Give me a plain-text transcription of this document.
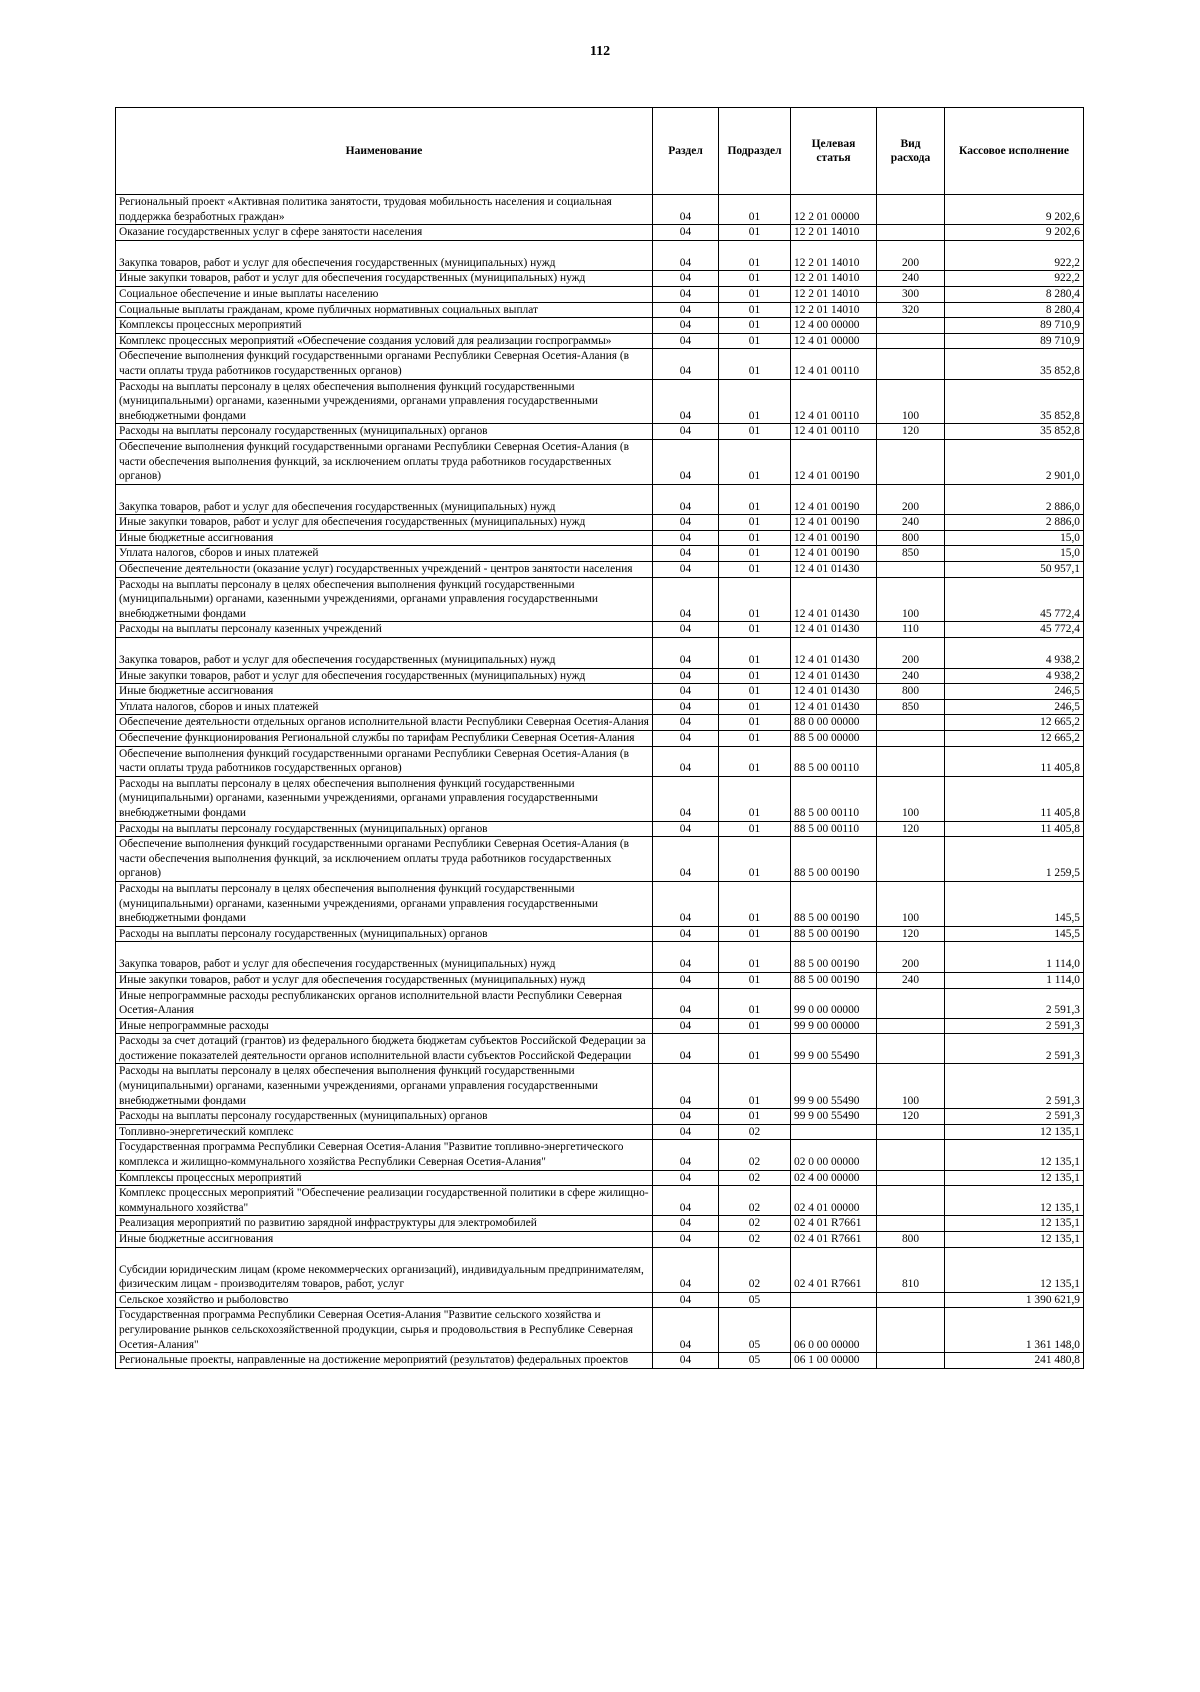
112
Наименование	Раздел	Подраздел	Целевая статья	Вид расхода	Кассовое исполнение
Региональный проект «Активная политика занятости, трудовая мобильность населения и социальная поддержка безработных граждан»	04	01	12 2 01 00000		9 202,6
Оказание государственных услуг в сфере занятости населения	04	01	12 2 01 14010		9 202,6
Закупка товаров, работ и услуг для обеспечения государственных (муниципальных) нужд	04	01	12 2 01 14010	200	922,2
Иные закупки товаров, работ и услуг для обеспечения государственных (муниципальных) нужд	04	01	12 2 01 14010	240	922,2
Социальное обеспечение и иные выплаты населению	04	01	12 2 01 14010	300	8 280,4
Социальные выплаты гражданам, кроме публичных нормативных социальных выплат	04	01	12 2 01 14010	320	8 280,4
Комплексы процессных мероприятий	04	01	12 4 00 00000		89 710,9
Комплекс процессных мероприятий «Обеспечение создания условий для реализации госпрограммы»	04	01	12 4 01 00000		89 710,9
Обеспечение выполнения функций государственными органами Республики Северная Осетия-Алания (в части оплаты труда работников государственных органов)	04	01	12 4 01 00110		35 852,8
Расходы на выплаты персоналу в целях обеспечения выполнения функций государственными (муниципальными) органами, казенными учреждениями, органами управления государственными внебюджетными фондами	04	01	12 4 01 00110	100	35 852,8
Расходы на выплаты персоналу государственных (муниципальных) органов	04	01	12 4 01 00110	120	35 852,8
Обеспечение выполнения функций государственными органами Республики Северная Осетия-Алания (в части обеспечения выполнения функций, за исключением оплаты труда работников государственных органов)	04	01	12 4 01 00190		2 901,0
Закупка товаров, работ и услуг для обеспечения государственных (муниципальных) нужд	04	01	12 4 01 00190	200	2 886,0
Иные закупки товаров, работ и услуг для обеспечения государственных (муниципальных) нужд	04	01	12 4 01 00190	240	2 886,0
Иные бюджетные ассигнования	04	01	12 4 01 00190	800	15,0
Уплата налогов, сборов и иных платежей	04	01	12 4 01 00190	850	15,0
Обеспечение деятельности (оказание услуг) государственных учреждений - центров занятости населения	04	01	12 4 01 01430		50 957,1
Расходы на выплаты персоналу в целях обеспечения выполнения функций государственными (муниципальными) органами, казенными учреждениями, органами управления государственными внебюджетными фондами	04	01	12 4 01 01430	100	45 772,4
Расходы на выплаты персоналу казенных учреждений	04	01	12 4 01 01430	110	45 772,4
Закупка товаров, работ и услуг для обеспечения государственных (муниципальных) нужд	04	01	12 4 01 01430	200	4 938,2
Иные закупки товаров, работ и услуг для обеспечения государственных (муниципальных) нужд	04	01	12 4 01 01430	240	4 938,2
Иные бюджетные ассигнования	04	01	12 4 01 01430	800	246,5
Уплата налогов, сборов и иных платежей	04	01	12 4 01 01430	850	246,5
Обеспечение деятельности отдельных органов исполнительной власти Республики Северная Осетия-Алания	04	01	88 0 00 00000		12 665,2
Обеспечение функционирования Региональной службы по тарифам Республики Северная Осетия-Алания	04	01	88 5 00 00000		12 665,2
Обеспечение выполнения функций государственными органами Республики Северная Осетия-Алания (в части оплаты труда работников государственных органов)	04	01	88 5 00 00110		11 405,8
Расходы на выплаты персоналу в целях обеспечения выполнения функций государственными (муниципальными) органами, казенными учреждениями, органами управления государственными внебюджетными фондами	04	01	88 5 00 00110	100	11 405,8
Расходы на выплаты персоналу государственных (муниципальных) органов	04	01	88 5 00 00110	120	11 405,8
Обеспечение выполнения функций государственными органами Республики Северная Осетия-Алания (в части обеспечения выполнения функций, за исключением оплаты труда работников государственных органов)	04	01	88 5 00 00190		1 259,5
Расходы на выплаты персоналу в целях обеспечения выполнения функций государственными (муниципальными) органами, казенными учреждениями, органами управления государственными внебюджетными фондами	04	01	88 5 00 00190	100	145,5
Расходы на выплаты персоналу государственных (муниципальных) органов	04	01	88 5 00 00190	120	145,5
Закупка товаров, работ и услуг для обеспечения государственных (муниципальных) нужд	04	01	88 5 00 00190	200	1 114,0
Иные закупки товаров, работ и услуг для обеспечения государственных (муниципальных) нужд	04	01	88 5 00 00190	240	1 114,0
Иные непрограммные расходы республиканских органов исполнительной власти Республики Северная Осетия-Алания	04	01	99 0 00 00000		2 591,3
Иные непрограммные расходы	04	01	99 9 00 00000		2 591,3
Расходы за счет дотаций (грантов) из федерального бюджета бюджетам субъектов Российской Федерации за достижение показателей деятельности органов исполнительной власти субъектов Российской Федерации	04	01	99 9 00 55490		2 591,3
Расходы на выплаты персоналу в целях обеспечения выполнения функций государственными (муниципальными) органами, казенными учреждениями, органами управления государственными внебюджетными фондами	04	01	99 9 00 55490	100	2 591,3
Расходы на выплаты персоналу государственных (муниципальных) органов	04	01	99 9 00 55490	120	2 591,3
Топливно-энергетический комплекс	04	02			12 135,1
Государственная программа Республики Северная Осетия-Алания "Развитие топливно-энергетического комплекса и жилищно-коммунального хозяйства Республики Северная Осетия-Алания"	04	02	02 0 00 00000		12 135,1
Комплексы процессных мероприятий	04	02	02 4 00 00000		12 135,1
Комплекс процессных мероприятий "Обеспечение реализации государственной политики в сфере жилищно-коммунального хозяйства"	04	02	02 4 01 00000		12 135,1
Реализация мероприятий по развитию зарядной инфраструктуры для электромобилей	04	02	02 4 01 R7661		12 135,1
Иные бюджетные ассигнования	04	02	02 4 01 R7661	800	12 135,1
Субсидии юридическим лицам (кроме некоммерческих организаций), индивидуальным предпринимателям, физическим лицам - производителям товаров, работ, услуг	04	02	02 4 01 R7661	810	12 135,1
Сельское хозяйство и рыболовство	04	05			1 390 621,9
Государственная программа Республики Северная Осетия-Алания "Развитие сельского хозяйства и регулирование рынков сельскохозяйственной продукции, сырья и продовольствия в Республике Северная Осетия-Алания"	04	05	06 0 00 00000		1 361 148,0
Региональные проекты, направленные на достижение мероприятий (результатов) федеральных проектов	04	05	06 1 00 00000		241 480,8
